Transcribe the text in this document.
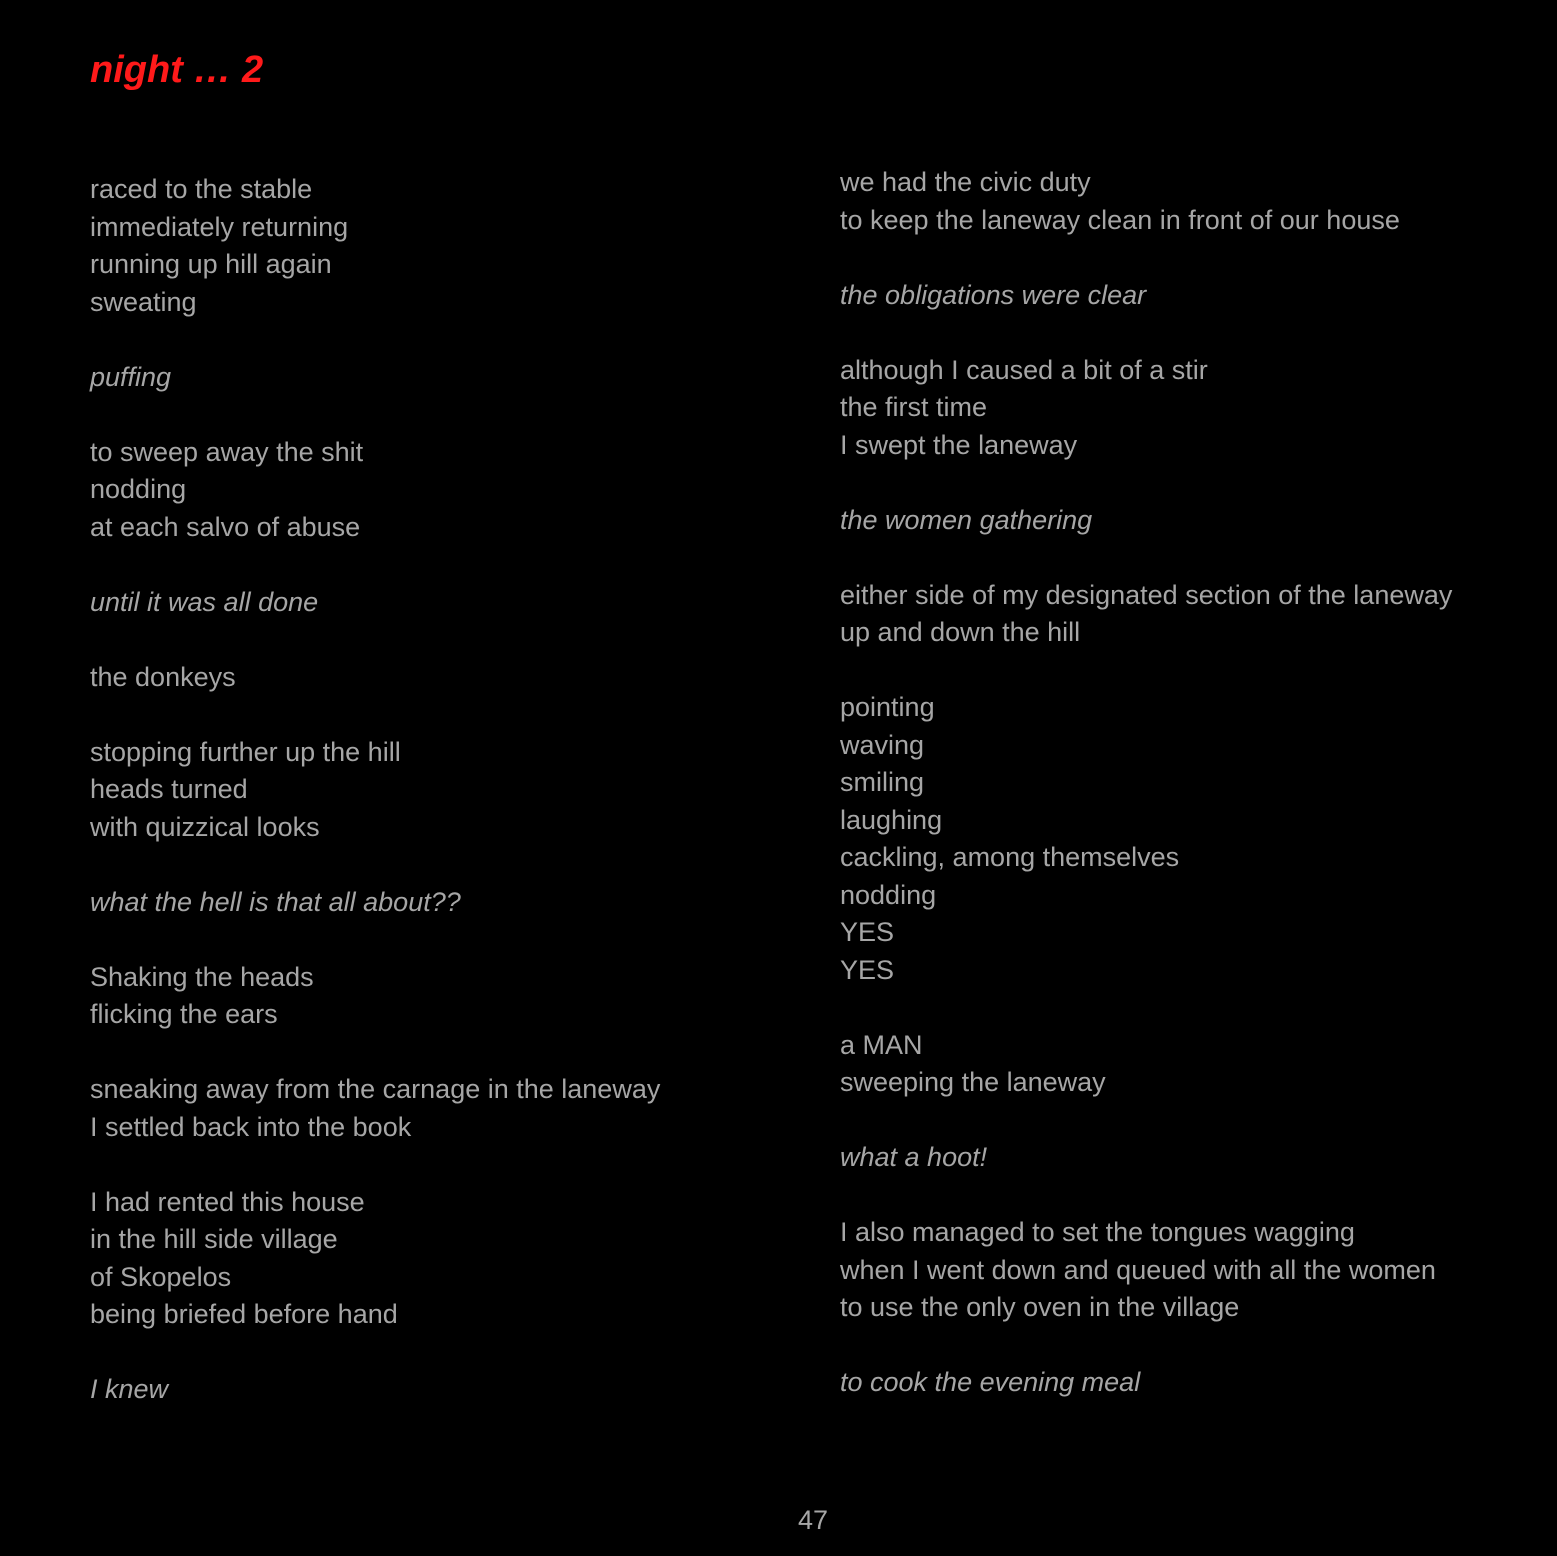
night … 2
raced to the stable
immediately returning
running up hill again
sweating
puffing
to sweep away the shit
nodding
at each salvo of abuse
until it was all done
the donkeys
stopping further up the hill
heads turned
with quizzical looks
what the hell is that all about??
Shaking the heads
flicking the ears
sneaking away from the carnage in the laneway
I settled back into the book
I had rented this house
in the hill side village
of Skopelos
being briefed before hand
I knew
we had the civic duty
to keep the laneway clean in front of our house
the obligations were clear
although I caused a bit of a stir
the first time
I swept the laneway
the women gathering
either side of my designated section of the laneway
up and down the hill
pointing
waving
smiling
laughing
cackling, among themselves
nodding
YES
YES
a MAN
sweeping the laneway
what a hoot!
I also managed to set the tongues wagging
when I went down and queued with all the women
to use the only oven in the village
to cook the evening meal
47
